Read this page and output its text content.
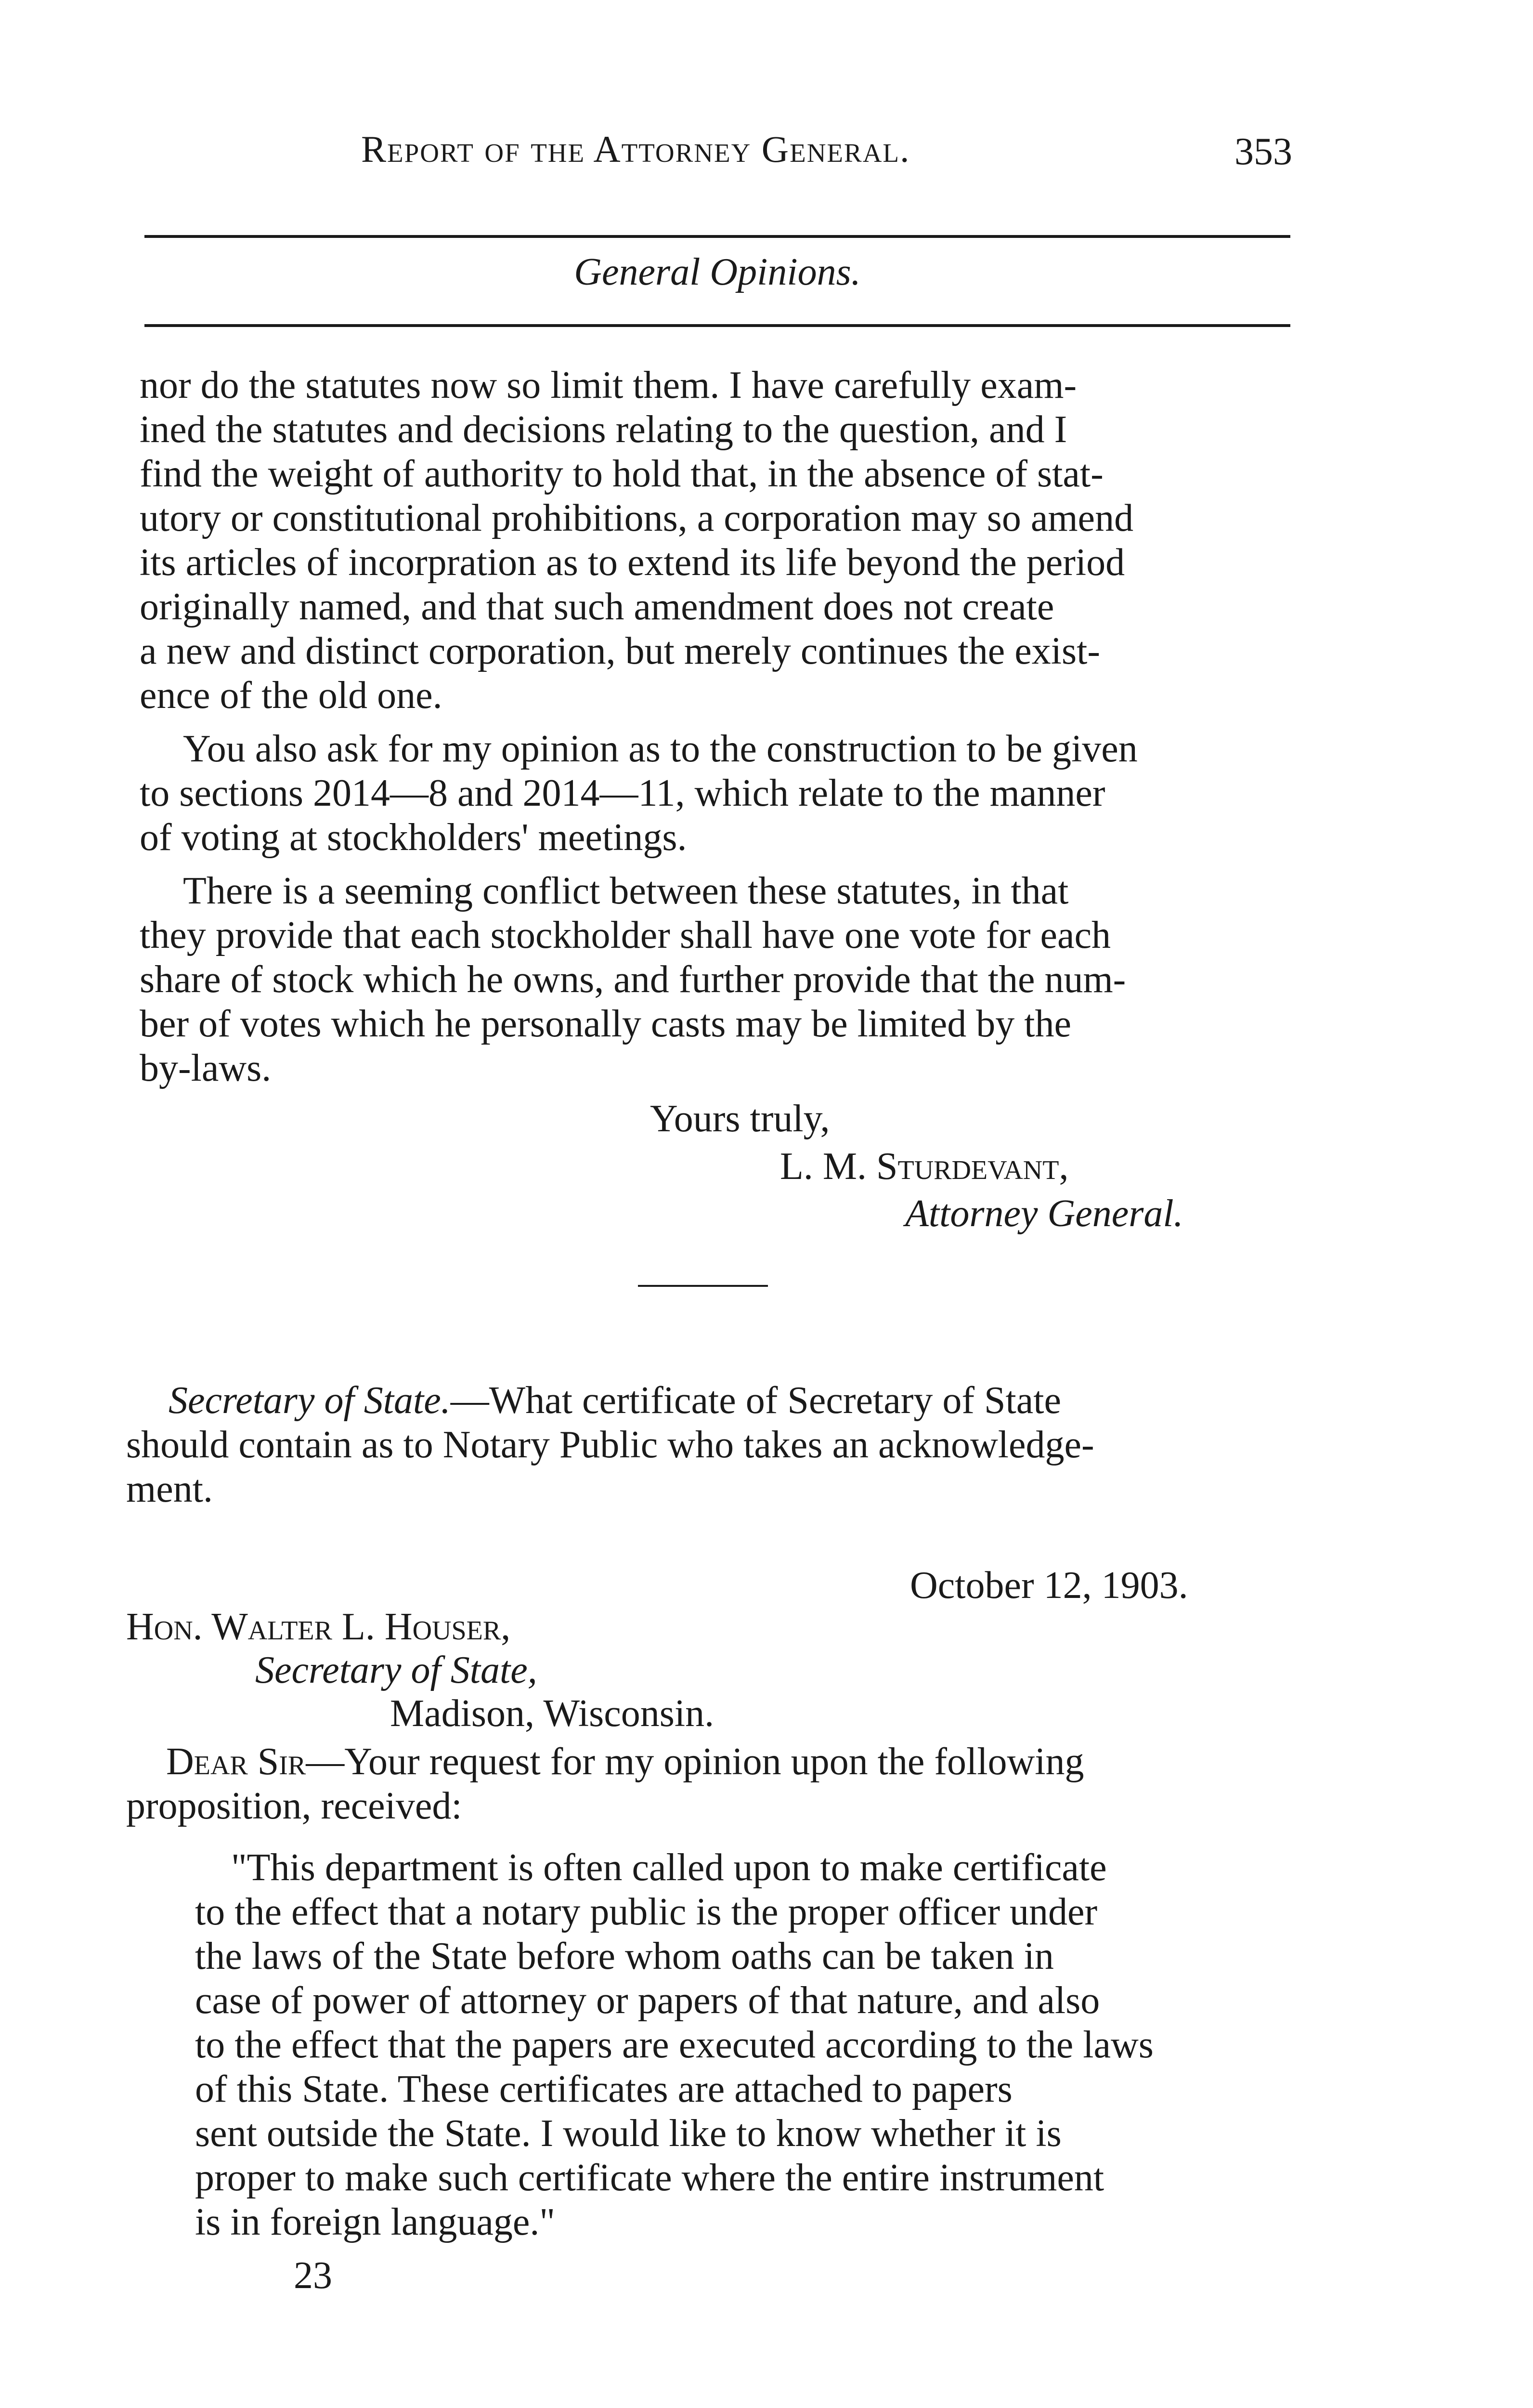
Report of the Attorney General.	353
General Opinions.
nor do the statutes now so limit them. I have carefully exam-
ined the statutes and decisions relating to the question, and I
find the weight of authority to hold that, in the absence of stat-
utory or constitutional prohibitions, a corporation may so amend
its articles of incorpration as to extend its life beyond the period
originally named, and that such amendment does not create
a new and distinct corporation, but merely continues the exist-
ence of the old one.
You also ask for my opinion as to the construction to be given
to sections 2014—8 and 2014—11, which relate to the manner
of voting at stockholders' meetings.
There is a seeming conflict between these statutes, in that
they provide that each stockholder shall have one vote for each
share of stock which he owns, and further provide that the num-
ber of votes which he personally casts may be limited by the
by-laws.
Yours truly,
L. M. Sturdevant,
Attorney General.
Secretary of State.—What certificate of Secretary of State
should contain as to Notary Public who takes an acknowledge-
ment.
October 12, 1903.
Hon. Walter L. Houser,
Secretary of State,
Madison, Wisconsin.
Dear Sir—Your request for my opinion upon the following
proposition, received:
"This department is often called upon to make certificate
to the effect that a notary public is the proper officer under
the laws of the State before whom oaths can be taken in
case of power of attorney or papers of that nature, and also
to the effect that the papers are executed according to the laws
of this State. These certificates are attached to papers
sent outside the State. I would like to know whether it is
proper to make such certificate where the entire instrument
is in foreign language."
23
